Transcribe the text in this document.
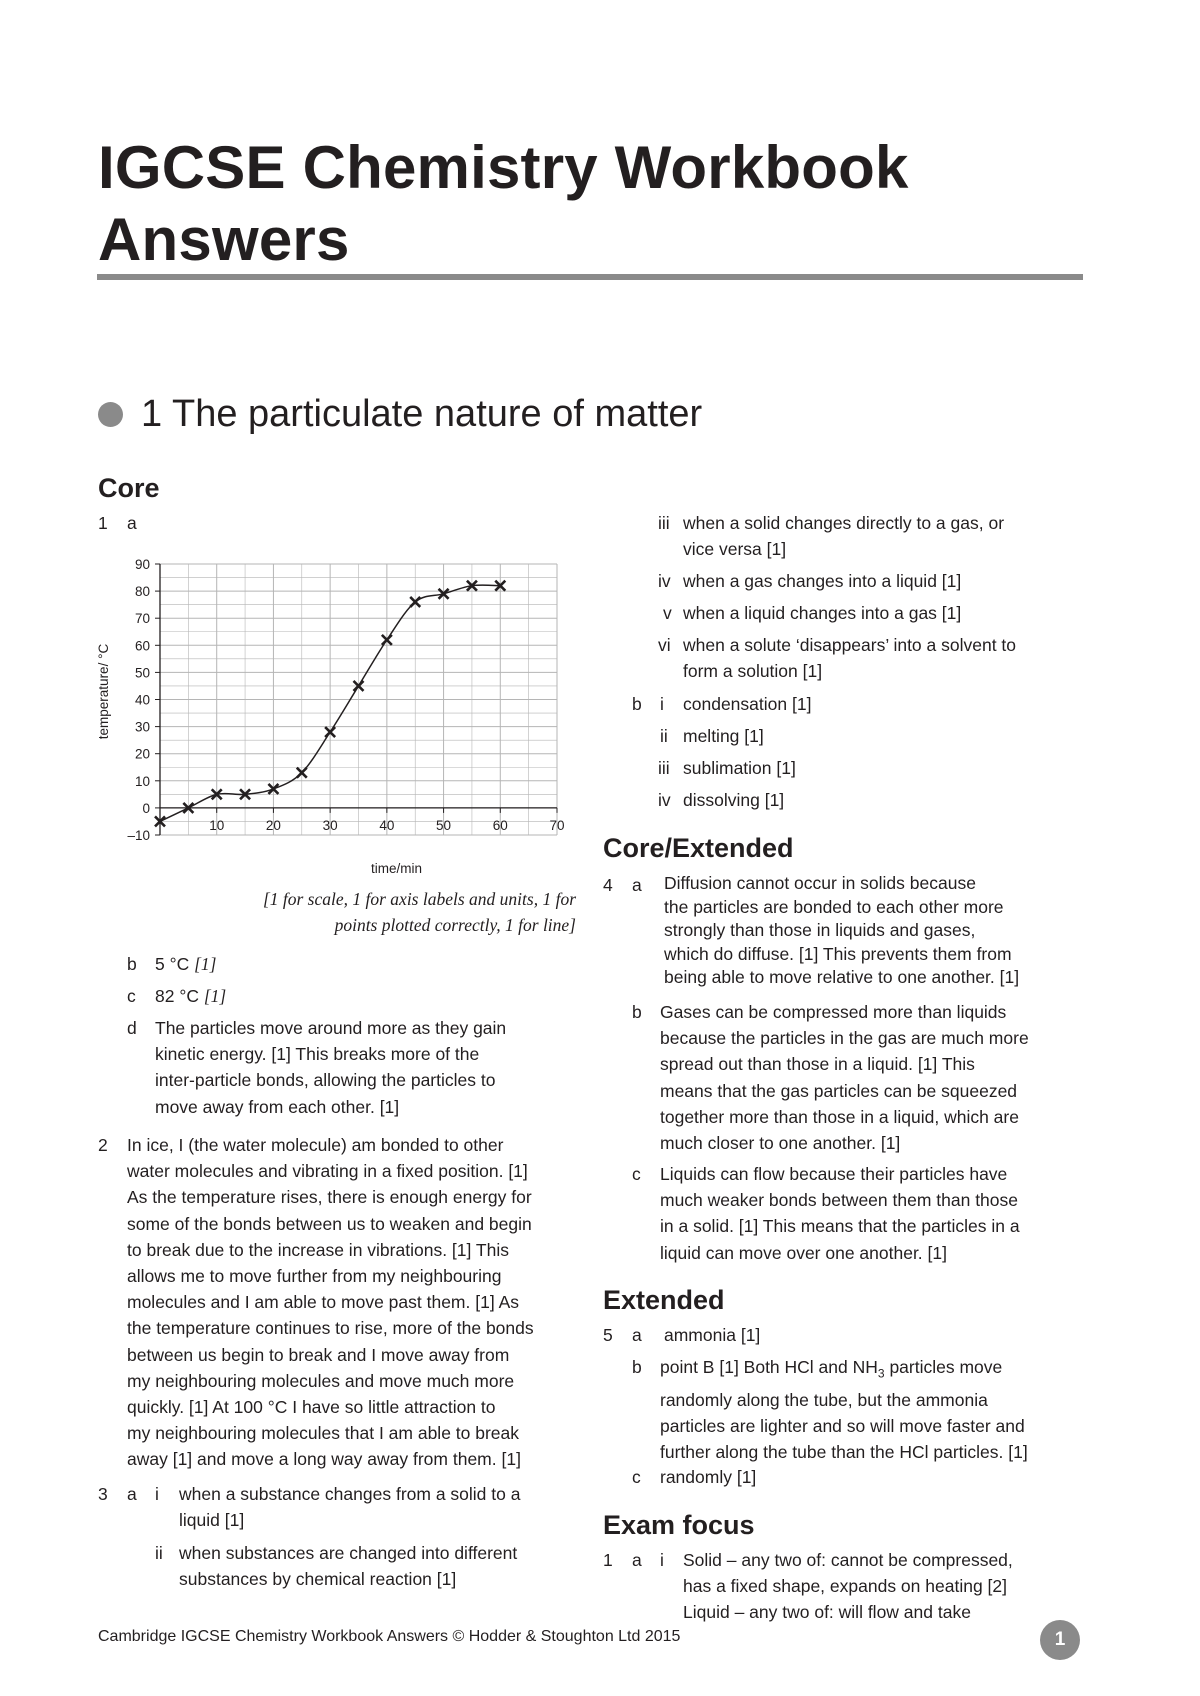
IGCSE Chemistry Workbook Answers
1 The particulate nature of matter
Core
1 a
90
80
70
60
50
40
30
20
10
0
–10
10	20	30	40	50	60	70
time/min
temperature/ °C
[1 for scale, 1 for axis labels and units, 1 for
points plotted correctly, 1 for line]
b 5 °C [1]
c 82 °C [1]
d The particles move around more as they gain
kinetic energy. [1] This breaks more of the
inter-particle bonds, allowing the particles to
move away from each other. [1]
2 In ice, I (the water molecule) am bonded to other
water molecules and vibrating in a fixed position. [1]
As the temperature rises, there is enough energy for
some of the bonds between us to weaken and begin
to break due to the increase in vibrations. [1] This
allows me to move further from my neighbouring
molecules and I am able to move past them. [1] As
the temperature continues to rise, more of the bonds
between us begin to break and I move away from
my neighbouring molecules and move much more
quickly. [1] At 100 °C I have so little attraction to
my neighbouring molecules that I am able to break
away [1] and move a long way away from them. [1]
3 a i when a substance changes from a solid to a
liquid [1]
ii when substances are changed into different
substances by chemical reaction [1]
iii when a solid changes directly to a gas, or
vice versa [1]
iv when a gas changes into a liquid [1]
v when a liquid changes into a gas [1]
vi when a solute ‘disappears’ into a solvent to
form a solution [1]
b i condensation [1]
ii melting [1]
iii sublimation [1]
iv dissolving [1]
Core/Extended
4 a Diffusion cannot occur in solids because
the particles are bonded to each other more
strongly than those in liquids and gases,
which do diffuse. [1] This prevents them from
being able to move relative to one another. [1]
b Gases can be compressed more than liquids
because the particles in the gas are much more
spread out than those in a liquid. [1] This
means that the gas particles can be squeezed
together more than those in a liquid, which are
much closer to one another. [1]
c Liquids can flow because their particles have
much weaker bonds between them than those
in a solid. [1] This means that the particles in a
liquid can move over one another. [1]
Extended
5 a ammonia [1]
b point B [1] Both HCl and $NH_3$ particles move
randomly along the tube, but the ammonia
particles are lighter and so will move faster and
further along the tube than the HCl particles. [1]
c randomly [1]
Exam focus
1 a i Solid – any two of: cannot be compressed,
has a fixed shape, expands on heating [2]
Liquid – any two of: will flow and take
Cambridge IGCSE Chemistry Workbook Answers © Hodder & Stoughton Ltd 2015	1
